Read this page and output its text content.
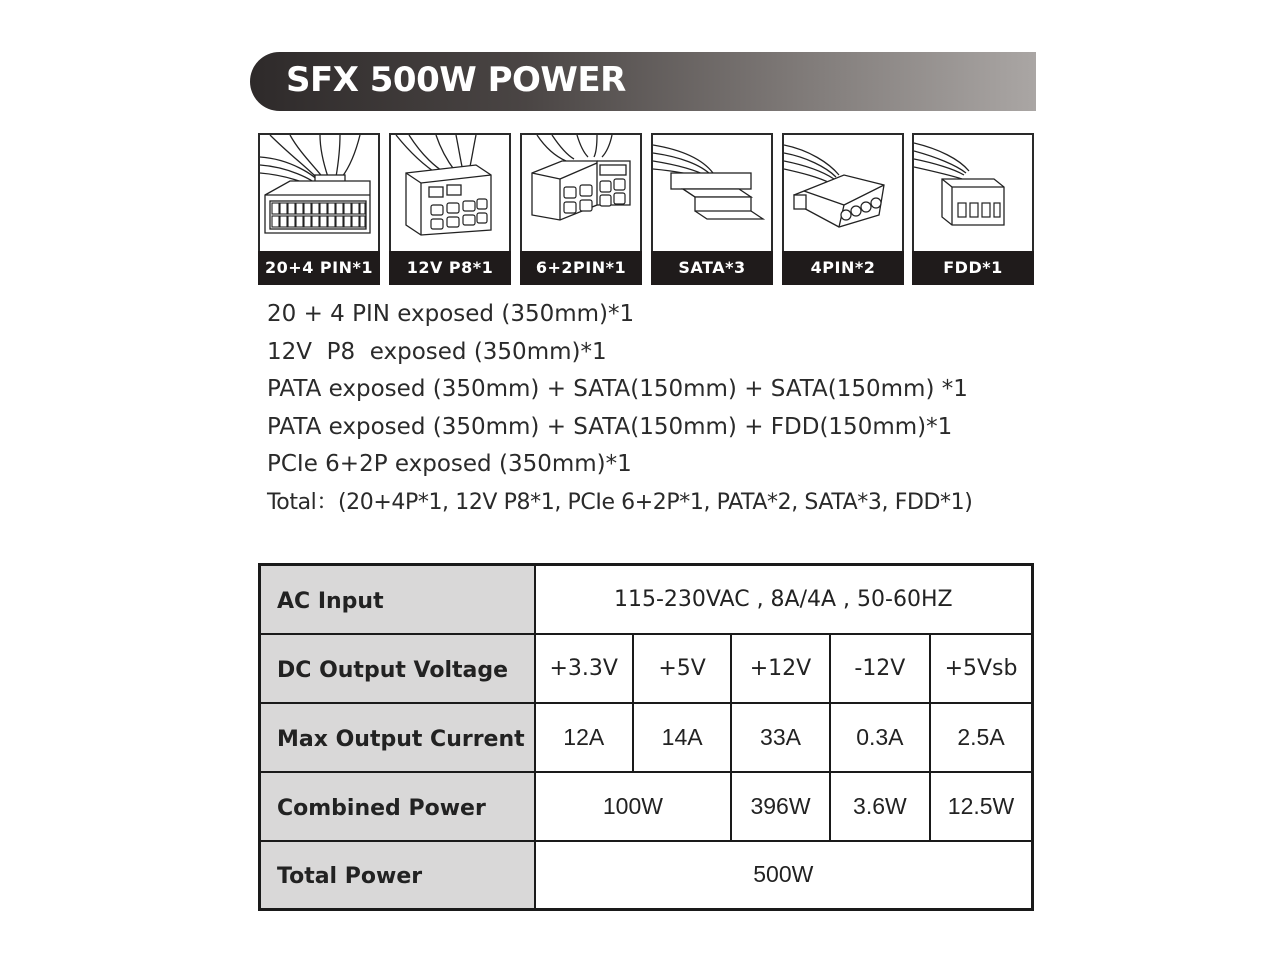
SFX 500W POWER
20+4 PIN*1	12V P8*1	6+2PIN*1	SATA*3	4PIN*2	FDD*1
20 + 4 PIN exposed (350mm)*1
12V  P8  exposed (350mm)*1
PATA exposed (350mm) + SATA(150mm) + SATA(150mm) *1
PATA exposed (350mm) + SATA(150mm) + FDD(150mm)*1
PCIe 6+2P exposed (350mm)*1
Total：(20+4P*1, 12V P8*1, PCIe 6+2P*1, PATA*2, SATA*3, FDD*1)
AC Input	115-230VAC , 8A/4A , 50-60HZ				
DC Output Voltage	+3.3V	+5V	+12V	-12V	+5Vsb
Max Output Current	12A	14A	33A	0.3A	2.5A
Combined Power	100W		396W	3.6W	12.5W
Total Power	500W				
